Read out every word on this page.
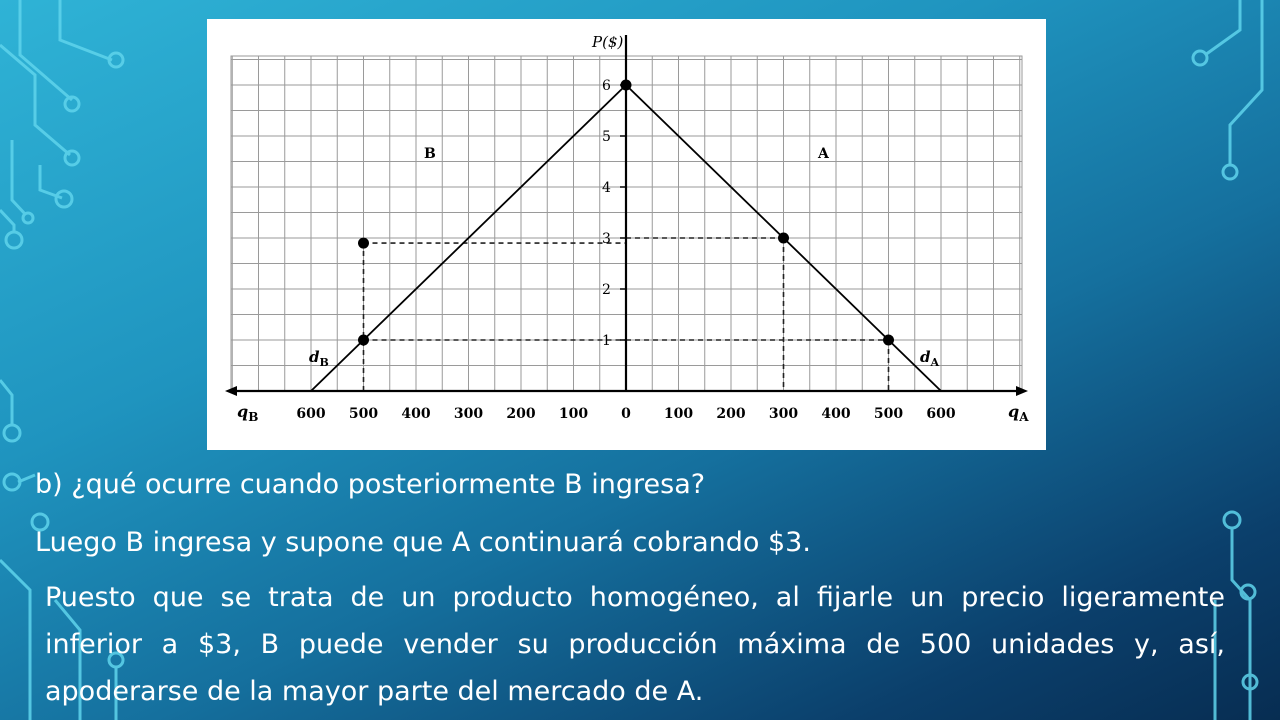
P($)
1
2
3
4
5
6
600 500 400 300 200 100 0 100 200 300 400 500 600
$q_B$	$q_A$
B	A
$d_B$	$d_A$
b) ¿qué ocurre cuando posteriormente B ingresa?
Luego B ingresa y supone que A continuará cobrando $3.
Puesto que se trata de un producto homogéneo, al fijarle un precio ligeramente inferior a $3, B puede vender su producción máxima de 500 unidades y, así, apoderarse de la mayor parte del mercado de A.
